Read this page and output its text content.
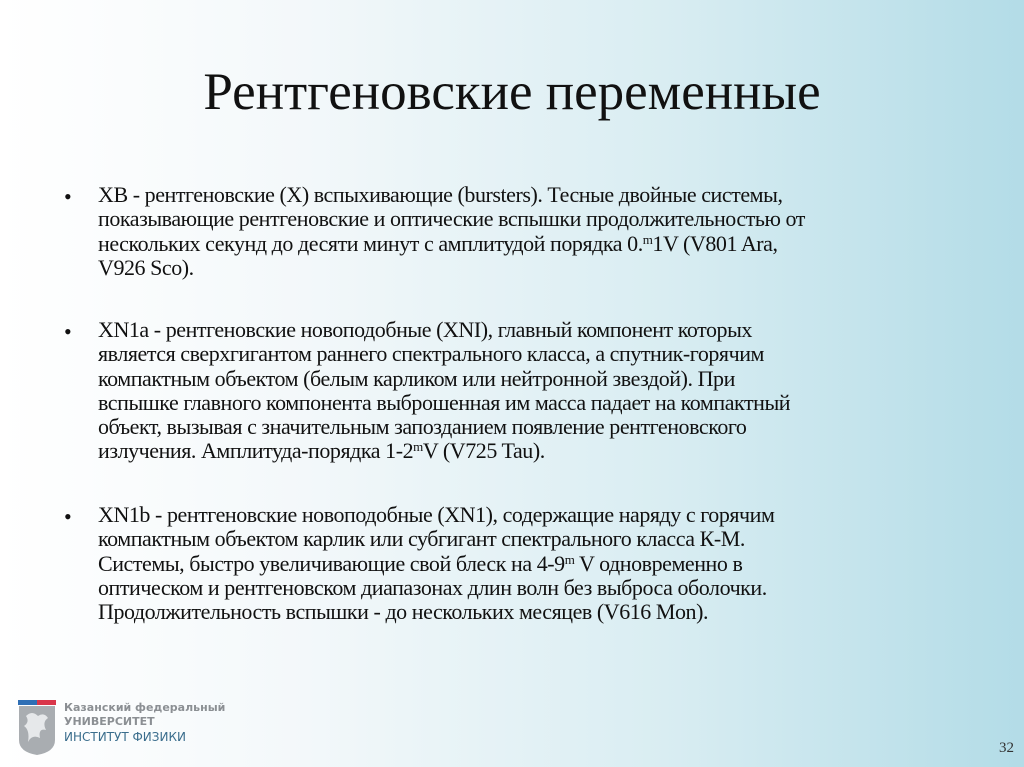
Рентгеновские переменные
• XB - рентгеновские (X) вспыхивающие (bursters). Тесные двойные системы,
показывающие рентгеновские и оптические вспышки продолжительностью от
нескольких секунд до десяти минут с амплитудой порядка 0.$^m$1V (V801 Ara,
V926 Sco).
• XN1a - рентгеновские новоподобные (XNI), главный компонент которых
является сверхгигантом раннего спектрального класса, а спутник-горячим
компактным объектом (белым карликом или нейтронной звездой). При
вспышке главного компонента выброшенная им масса падает на компактный
объект, вызывая с значительным запозданием появление рентгеновского
излучения. Амплитуда-порядка 1-2$^m$V (V725 Tau).
• XN1b - рентгеновские новоподобные (XN1), содержащие наряду с горячим
компактным объектом карлик или субгигант спектрального класса К-М.
Системы, быстро увеличивающие свой блеск на 4-9$^m$ V одновременно в
оптическом и рентгеновском диапазонах длин волн без выброса оболочки.
Продолжительность вспышки - до нескольких месяцев (V616 Mon).
Казанский федеральный
УНИВЕРСИТЕТ
ИНСТИТУТ ФИЗИКИ
32
